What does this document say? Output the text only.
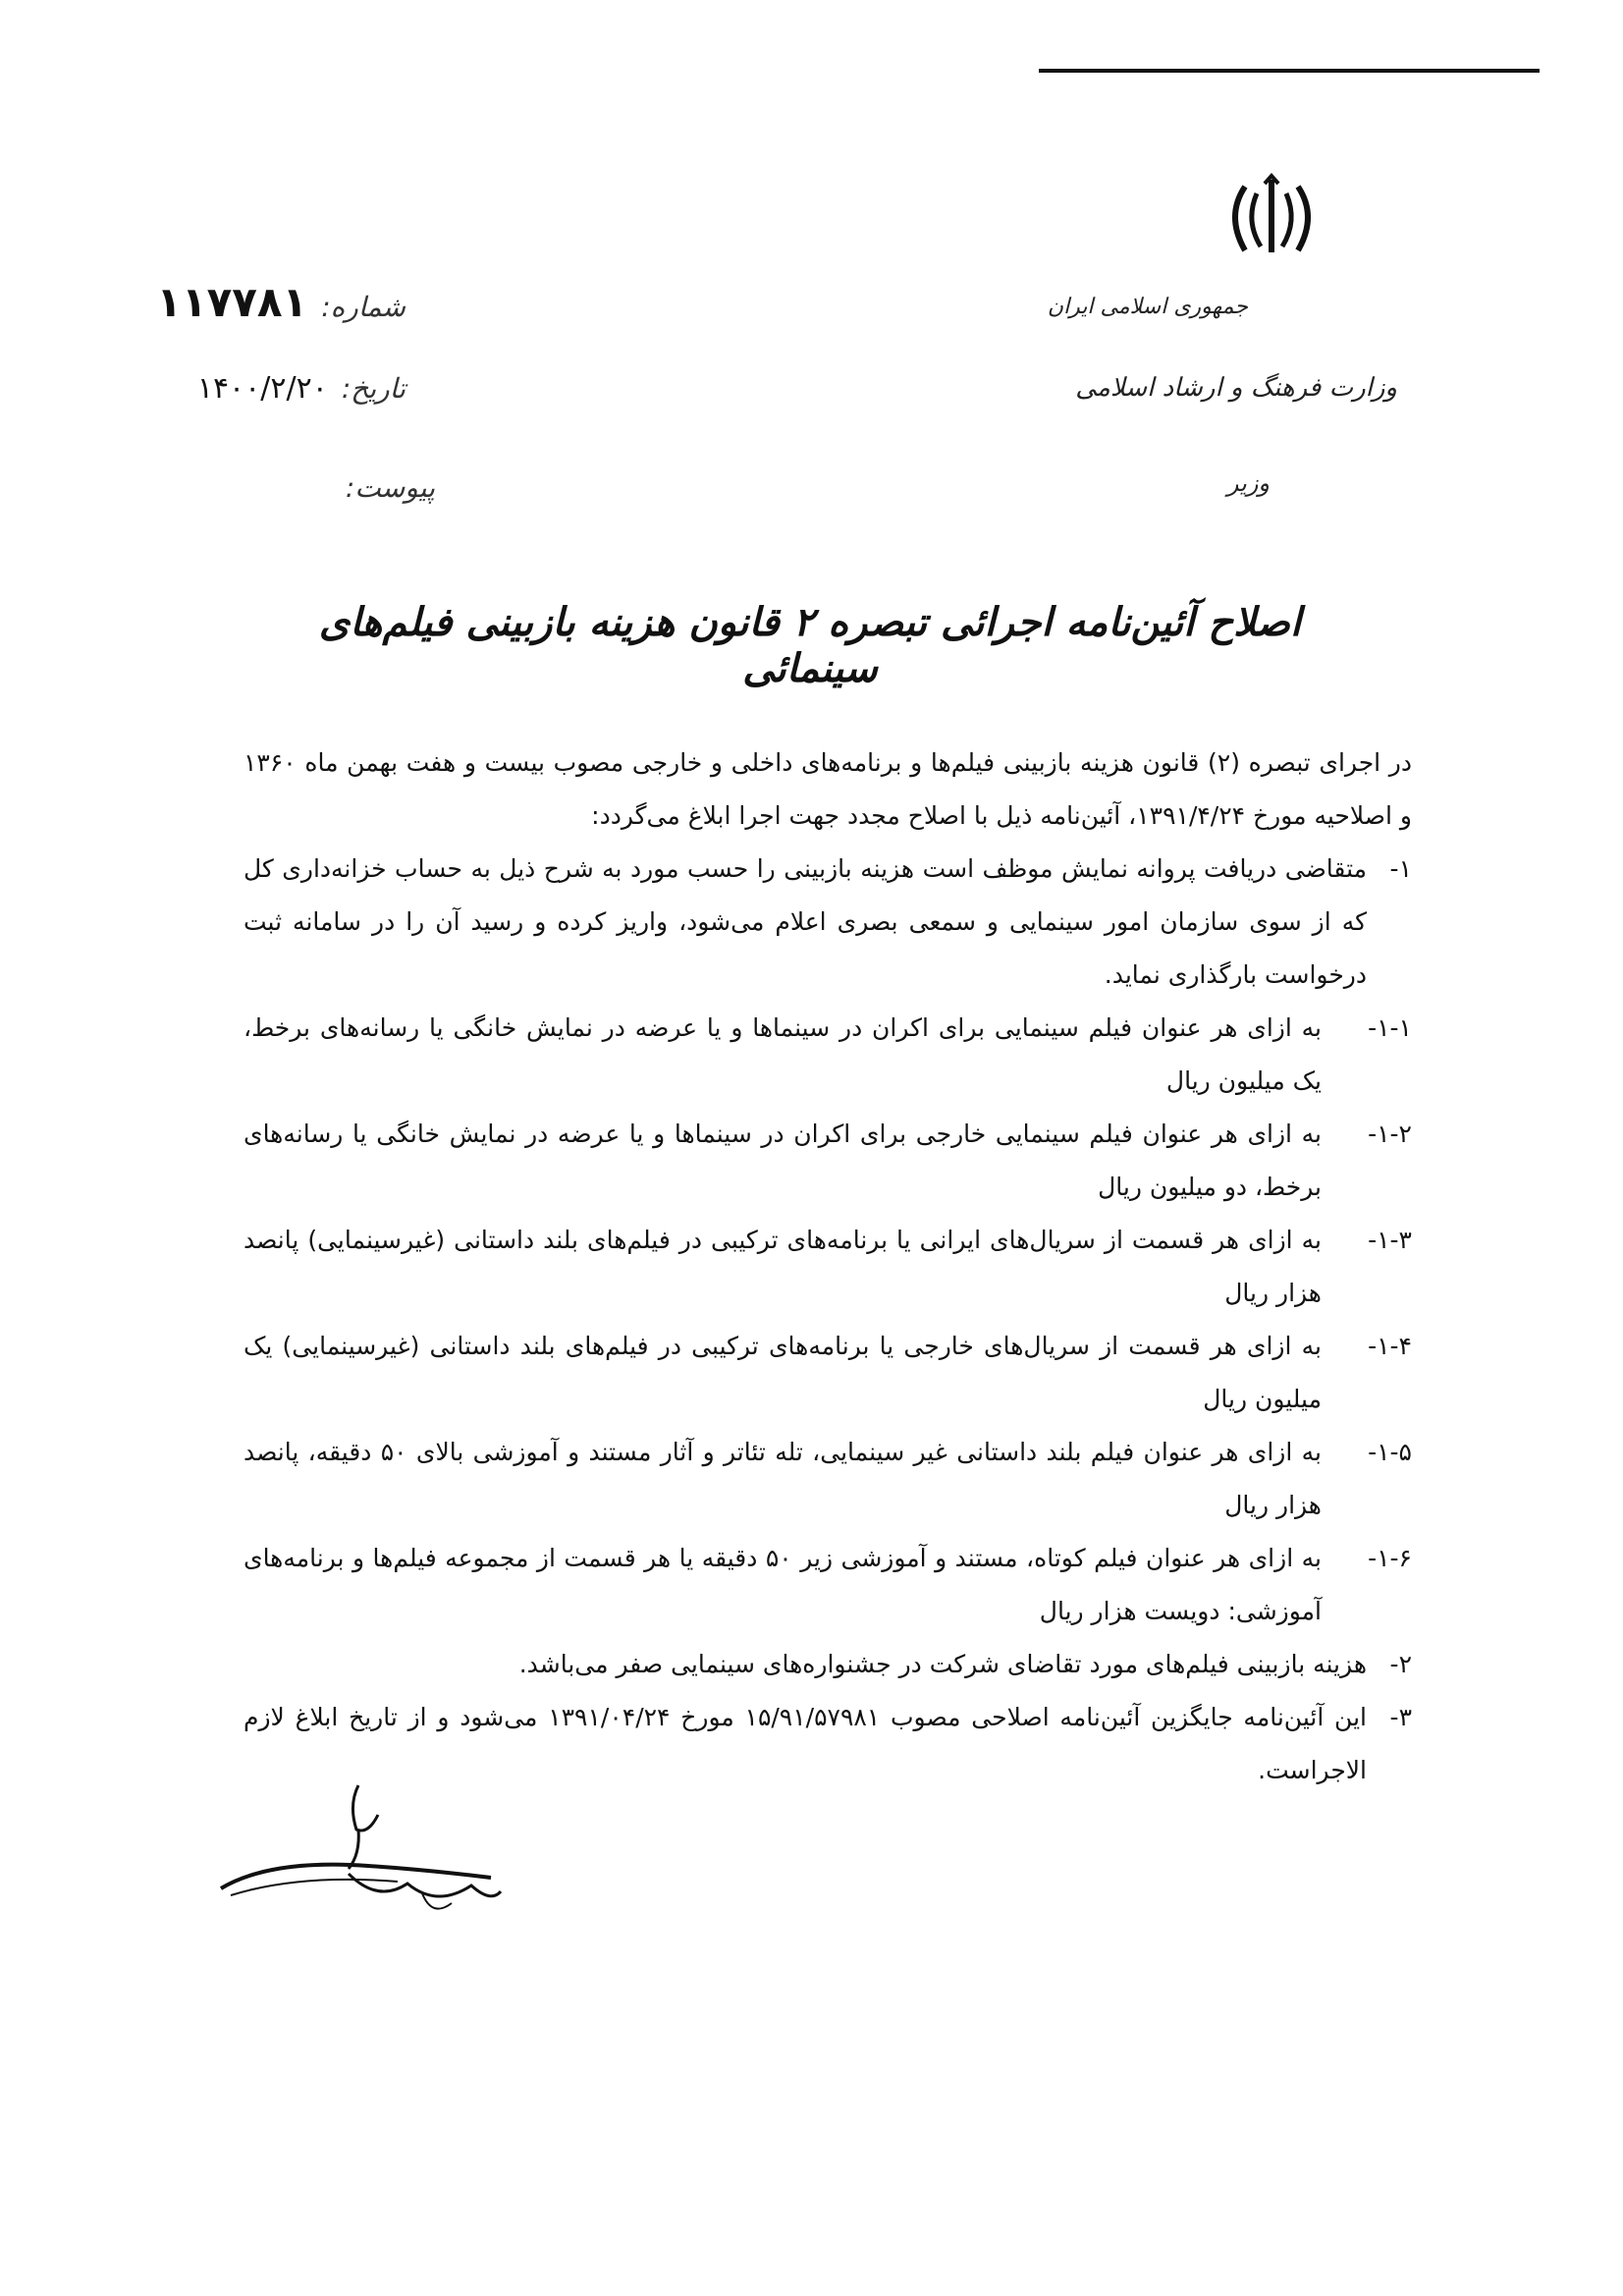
جمهوری اسلامی ایران
وزارت فرهنگ و ارشاد اسلامی
وزیر
شماره:۱۱۷۷۸۱
تاریخ:۱۴۰۰/۲/۲۰
پیوست:
اصلاح آئین‌نامه اجرائی تبصره ۲ قانون هزینه بازبینی فیلم‌های سینمائی

در اجرای تبصره (۲) قانون هزینه بازبینی فیلم‌ها و برنامه‌های داخلی و خارجی مصوب بیست و هفت بهمن ماه ۱۳۶۰ و اصلاحیه مورخ ۱۳۹۱/۴/۲۴، آئین‌نامه ذیل با اصلاح مجدد جهت اجرا ابلاغ می‌گردد:

۱-
متقاضی دریافت پروانه نمایش موظف است هزینه بازبینی را حسب مورد به شرح ذیل به حساب خزانه‌داری کل که از سوی سازمان امور سینمایی و سمعی بصری اعلام می‌شود، واریز کرده و رسید آن را در سامانه ثبت درخواست بارگذاری نماید.
۱-۱-
به ازای هر عنوان فیلم سینمایی برای اکران در سینماها و یا عرضه در نمایش خانگی یا رسانه‌های برخط، یک میلیون ریال
۱-۲-
به ازای هر عنوان فیلم سینمایی خارجی برای اکران در سینماها و یا عرضه در نمایش خانگی یا رسانه‌های برخط، دو میلیون ریال
۱-۳-
به ازای هر قسمت از سریال‌های ایرانی یا برنامه‌های ترکیبی در فیلم‌های بلند داستانی (غیرسینمایی) پانصد هزار ریال
۱-۴-
به ازای هر قسمت از سریال‌های خارجی یا برنامه‌های ترکیبی در فیلم‌های بلند داستانی (غیرسینمایی) یک میلیون ریال
۱-۵-
به ازای هر عنوان فیلم بلند داستانی غیر سینمایی، تله تئاتر و آثار مستند و آموزشی بالای ۵۰ دقیقه، پانصد هزار ریال
۱-۶-
به ازای هر عنوان فیلم کوتاه، مستند و آموزشی زیر ۵۰ دقیقه یا هر قسمت از مجموعه فیلم‌ها و برنامه‌های آموزشی: دویست هزار ریال
۲-
هزینه بازبینی فیلم‌های مورد تقاضای شرکت در جشنواره‌های سینمایی صفر می‌باشد.
۳-
این آئین‌نامه جایگزین آئین‌نامه اصلاحی مصوب ۱۵/۹۱/۵۷۹۸۱ مورخ ۱۳۹۱/۰۴/۲۴ می‌شود و از تاریخ ابلاغ لازم الاجراست.
